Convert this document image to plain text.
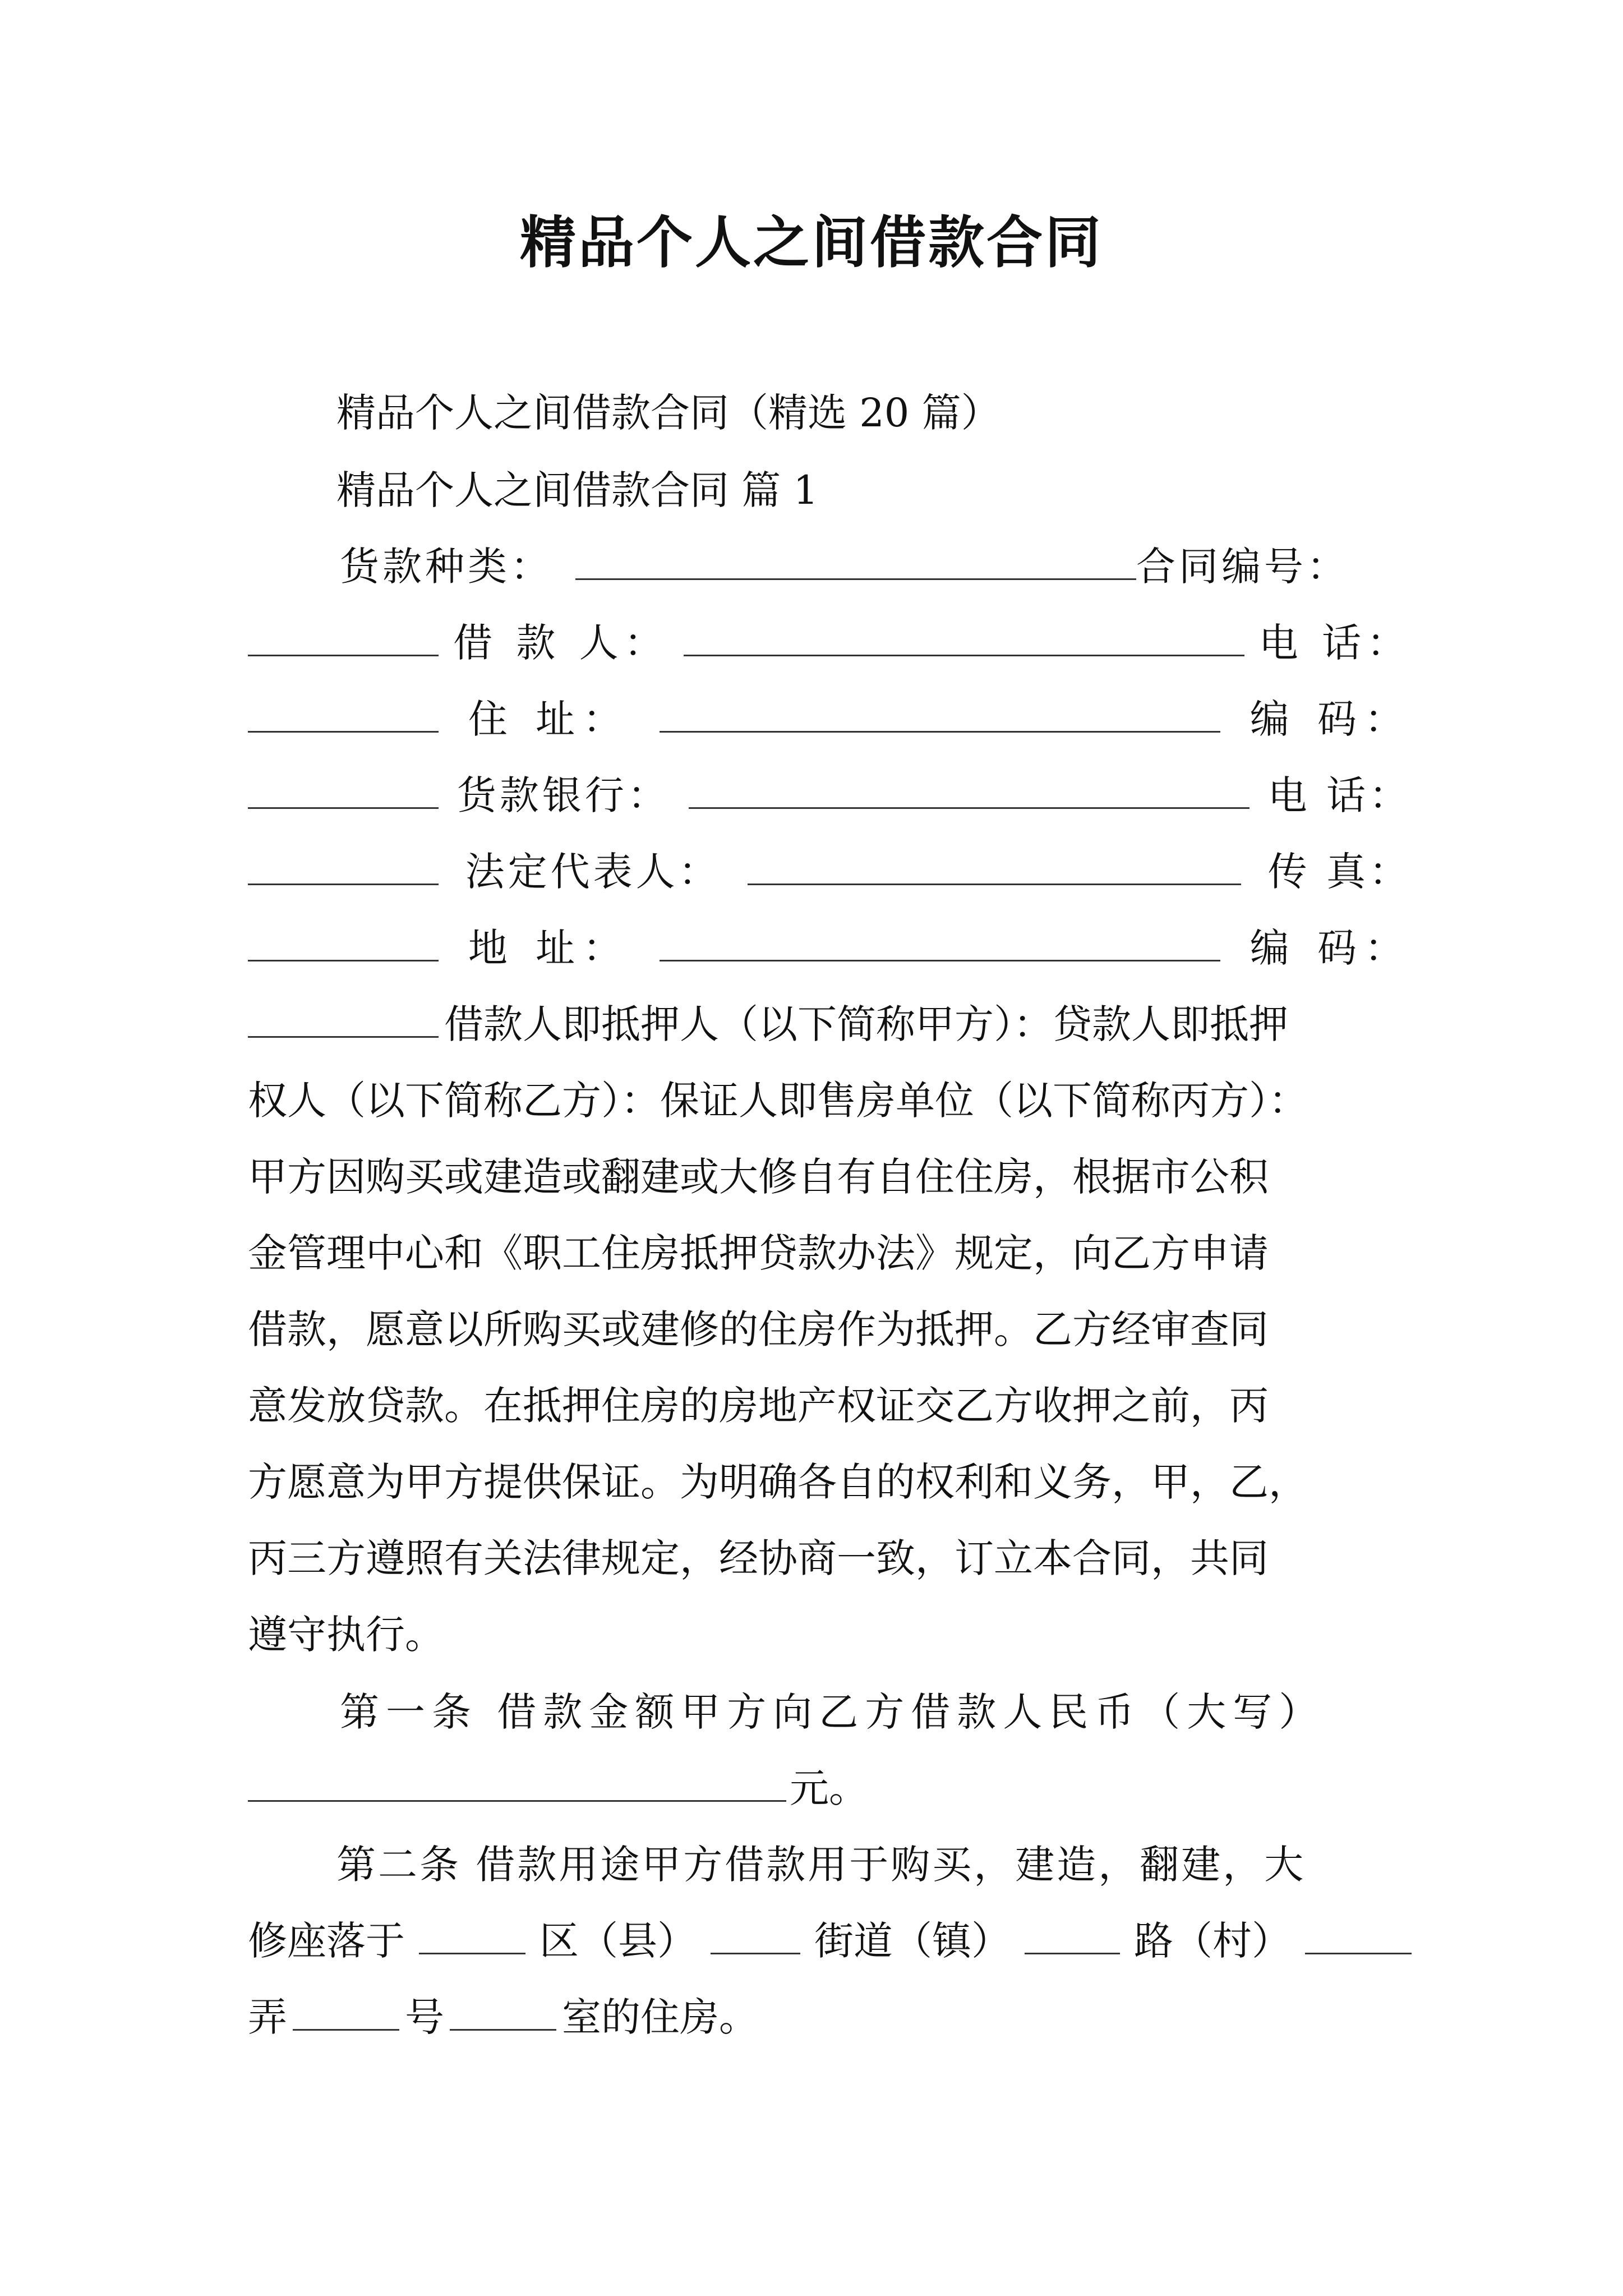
精品个人之间借款合同
精品个人之间借款合同（精选 20 篇）
精品个人之间借款合同 篇 1
货款种类：	合同编号：
借 款 人：	电 话：
住 址：	编 码：
货款银行：	电 话：
法定代表人：	传 真：
地 址：	编 码：
借款人即抵押人（以下简称甲方）：贷款人即抵押
权人（以下简称乙方）：保证人即售房单位（以下简称丙方）：
甲方因购买或建造或翻建或大修自有自住住房，根据市公积
金管理中心和《职工住房抵押贷款办法》规定，向乙方申请
借款，愿意以所购买或建修的住房作为抵押。乙方经审查同
意发放贷款。在抵押住房的房地产权证交乙方收押之前，丙
方愿意为甲方提供保证。为明确各自的权利和义务，甲，乙，
丙三方遵照有关法律规定，经协商一致，订立本合同，共同
遵守执行。
第一条 借款金额甲方向乙方借款人民币（大写）
元。
第二条 借款用途甲方借款用于购买，建造，翻建，大
修座落于	区（县）	街道（镇）	路（村）
弄	号	室的住房。
